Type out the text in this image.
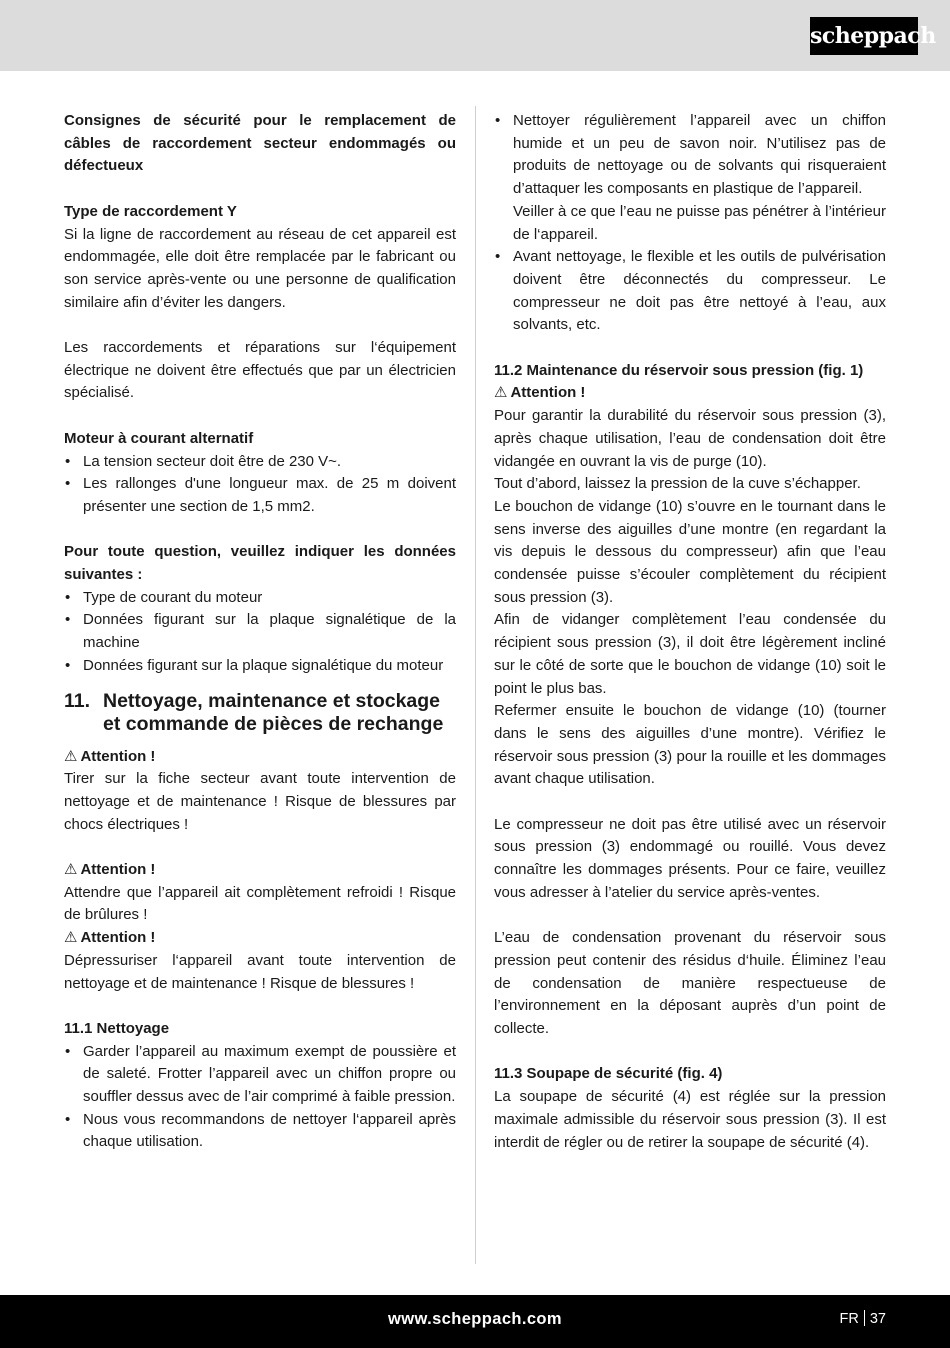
scheppach

Consignes de sécurité pour le remplacement de câbles de raccordement secteur endommagés ou défectueux

Type de raccordement Y

Si la ligne de raccordement au réseau de cet appareil est endommagée, elle doit être remplacée par le fabricant ou son service après-vente ou une personne de qualification similaire afin d’éviter les dangers.

Les raccordements et réparations sur l‘équipement électrique ne doivent être effectués que par un électricien spécialisé.

Moteur à courant alternatif

• La tension secteur doit être de 230 V~.
• Les rallonges d'une longueur max. de 25 m doivent présenter une section de 1,5 mm2.

Pour toute question, veuillez indiquer les données suivantes :

• Type de courant du moteur
• Données figurant sur la plaque signalétique de la machine
• Données figurant sur la plaque signalétique du moteur
11. Nettoyage, maintenance et stockage et commande de pièces de rechange

⚠ Attention !

Tirer sur la fiche secteur avant toute intervention de nettoyage et de maintenance ! Risque de blessures par chocs électriques !

⚠ Attention !

Attendre que l’appareil ait complètement refroidi ! Risque de brûlures !

⚠ Attention !

Dépressuriser l‘appareil avant toute intervention de nettoyage et de maintenance ! Risque de blessures !

11.1 Nettoyage

• Garder l’appareil au maximum exempt de poussière et de saleté. Frotter l’appareil avec un chiffon propre ou souffler dessus avec de l’air comprimé à faible pression.
• Nous vous recommandons de nettoyer l‘appareil après chaque utilisation.
• Nettoyer régulièrement l’appareil avec un chiffon humide et un peu de savon noir. N’utilisez pas de produits de nettoyage ou de solvants qui risqueraient d’attaquer les composants en plastique de l’appareil.
Veiller à ce que l’eau ne puisse pas pénétrer à l’intérieur de l‘appareil.
• Avant nettoyage, le flexible et les outils de pulvérisation doivent être déconnectés du compresseur. Le compresseur ne doit pas être nettoyé à l’eau, aux solvants, etc.

11.2 Maintenance du réservoir sous pression (fig. 1)

⚠ Attention !

Pour garantir la durabilité du réservoir sous pression (3), après chaque utilisation, l’eau de condensation doit être vidangée en ouvrant la vis de purge (10).

Tout d’abord, laissez la pression de la cuve s’échapper.

Le bouchon de vidange (10) s’ouvre en le tournant dans le sens inverse des aiguilles d’une montre (en regardant la vis depuis le dessous du compresseur) afin que l’eau condensée puisse s’écouler complètement du récipient sous pression (3).

Afin de vidanger complètement l’eau condensée du récipient sous pression (3), il doit être légèrement incliné sur le côté de sorte que le bouchon de vidange (10) soit le point le plus bas.

Refermer ensuite le bouchon de vidange (10) (tourner dans le sens des aiguilles d’une montre). Vérifiez le réservoir sous pression (3) pour la rouille et les dommages avant chaque utilisation.

Le compresseur ne doit pas être utilisé avec un réservoir sous pression (3) endommagé ou rouillé. Vous devez connaître les dommages présents. Pour ce faire, veuillez vous adresser à l’atelier du service après-ventes.

L’eau de condensation provenant du réservoir sous pression peut contenir des résidus d‘huile. Éliminez l’eau de condensation de manière respectueuse de l’environnement en la déposant auprès d’un point de collecte.

11.3 Soupape de sécurité (fig. 4)

La soupape de sécurité (4) est réglée sur la pression maximale admissible du réservoir sous pression (3). Il est interdit de régler ou de retirer la soupape de sécurité (4).

www.scheppach.com	FR 37
